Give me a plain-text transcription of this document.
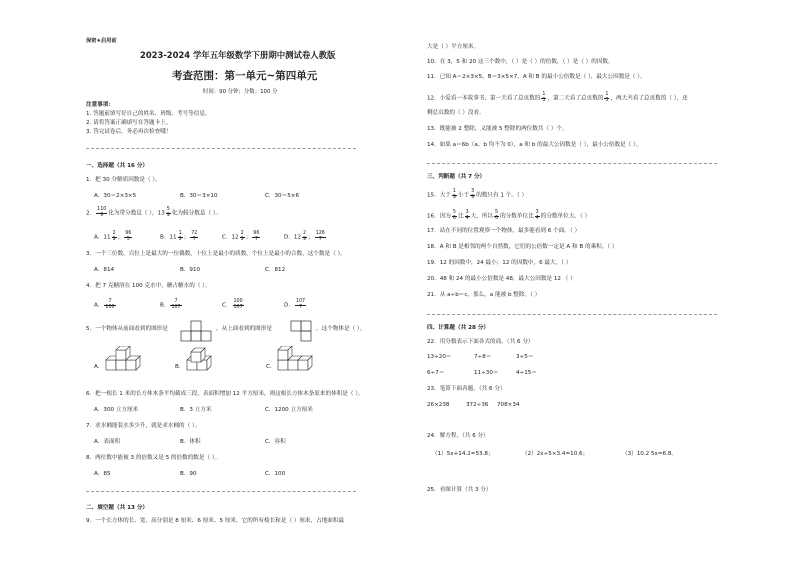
保密★启用前
2023-2024 学年五年级数学下册期中测试卷人教版
考查范围：第一单元~第四单元
时间：90 分钟；分数：100 分
注意事项：
1. 答题前填写好自己的姓名、班级、考号等信息。
2. 请将答案正确填写在答题卡上。
3. 答完试卷后，务必再次检查哦！
一、选择题（共 16 分）
1．把 30 分解质因数是（ ）。
A．30＝2×3×5	B．30＝3×10	C．30＝5×6
2． $\frac{110}{9}$ 化为带分数是（ ），$13 \frac{5}{9}$ 化为假分数是（ ）。
A．$11 \frac{2}{9}$ ； $\frac{96}{5}$	B．$11 \frac{1}{9}$ ； $\frac{72}{7}$	C．$12 \frac{2}{9}$ ； $\frac{96}{7}$	D．$12 \frac{2}{9}$ ； $\frac{126}{7}$
3．一个三位数，百位上是最大的一位偶数，十位上是最小的质数，个位上是最小的合数，这个数是（ ）。
A．814	B．910	C．812
4．把 7 克糖溶在 100 克水中，糖占糖水的（ ）。
A． $\frac{7}{100}$	B． $\frac{7}{107}$	C． $\frac{100}{107}$	D． $\frac{107}{7}$
5．一个物体从前面看到的图形是	，从上面看到的图形是	，这个物体是（ ）。
A．	B．	C．
6．把一根长 1 米的长方体木条平均截成三段，表面积增加 12 平方厘米，则这根长方体木条原来的体积是（ ）。
A．300 立方厘米	B．3 立方米	C．1200 立方厘米
7．求水桶能装水多少升，就是求水桶的（ ）。
A．表面积	B．体积	C．容积
8．两位数中能被 3 的倍数又是 5 的倍数的数是（ ）。
A．85	B．90	C．100
二、填空题（共 13 分）
9．一个长方体的长、宽、高分别是 8 厘米、6 厘米、5 厘米，它的所有棱长和是（ ）厘米，占地面积最
大是（ ）平方厘米。
10．在 3，5 和 20 这三个数中，（ ）是（ ）的倍数，（ ）是（ ）的因数。
11．已知 A＝2×3×5，B＝3×5×7，A 和 B 的最小公倍数是（ ），最大公因数是（ ）。
12．小爱看一本故事书，第一天看了总页数的 $\frac{1}{3}$ ，第二天看了总页数的 $\frac{1}{5}$ ，两天共看了总页数的（ ），还
剩总页数的（ ）没看。
13．既能被 2 整除，又能被 5 整除的两位数共（ ）个。
14．如果 a＝6b（a、b 均不为 0），a 和 b 的最大公因数是（ ），最小公倍数是（ ）。
三、判断题（共 7 分）
15．大于 $\frac{1}{9}$ 小于 $\frac{3}{9}$ 的数只有 1 个。（ ）
16．因为 $\frac{5}{6}$ 比 $\frac{3}{4}$ 大，所以 $\frac{5}{6}$ 的分数单位比 $\frac{3}{4}$ 的分数单位大。（ ）
17．站在不同的位置观察一个物体，最多能看到 6 个面。（ ）
18．A 和 B 是相邻的两个自然数，它们的公倍数一定是 A 和 B 的乘积。（ ）
19．12 的因数中，24 最小；12 的因数中，6 最大。（ ）
20．48 和 24 的最小公倍数是 48，最大公因数是 12 （ ）
21．从 a÷b＝c，那么，a 能被 b 整除。（ ）
四、计算题（共 28 分）
22．用分数表示下面各式的商。（共 6 分）
13÷20＝	7÷8＝	3÷5＝
6÷7＝	11÷30＝	4÷15＝
23．笔算下面各题。（共 6 分）
26×238	372÷36 708×34
24．解方程。（共 6 分）
（1）5x+14.2=53.8；	（2）2x÷5×3.4=10.6；	（3）10.2 5x=6.8。
25．看图计算（共 3 分）
